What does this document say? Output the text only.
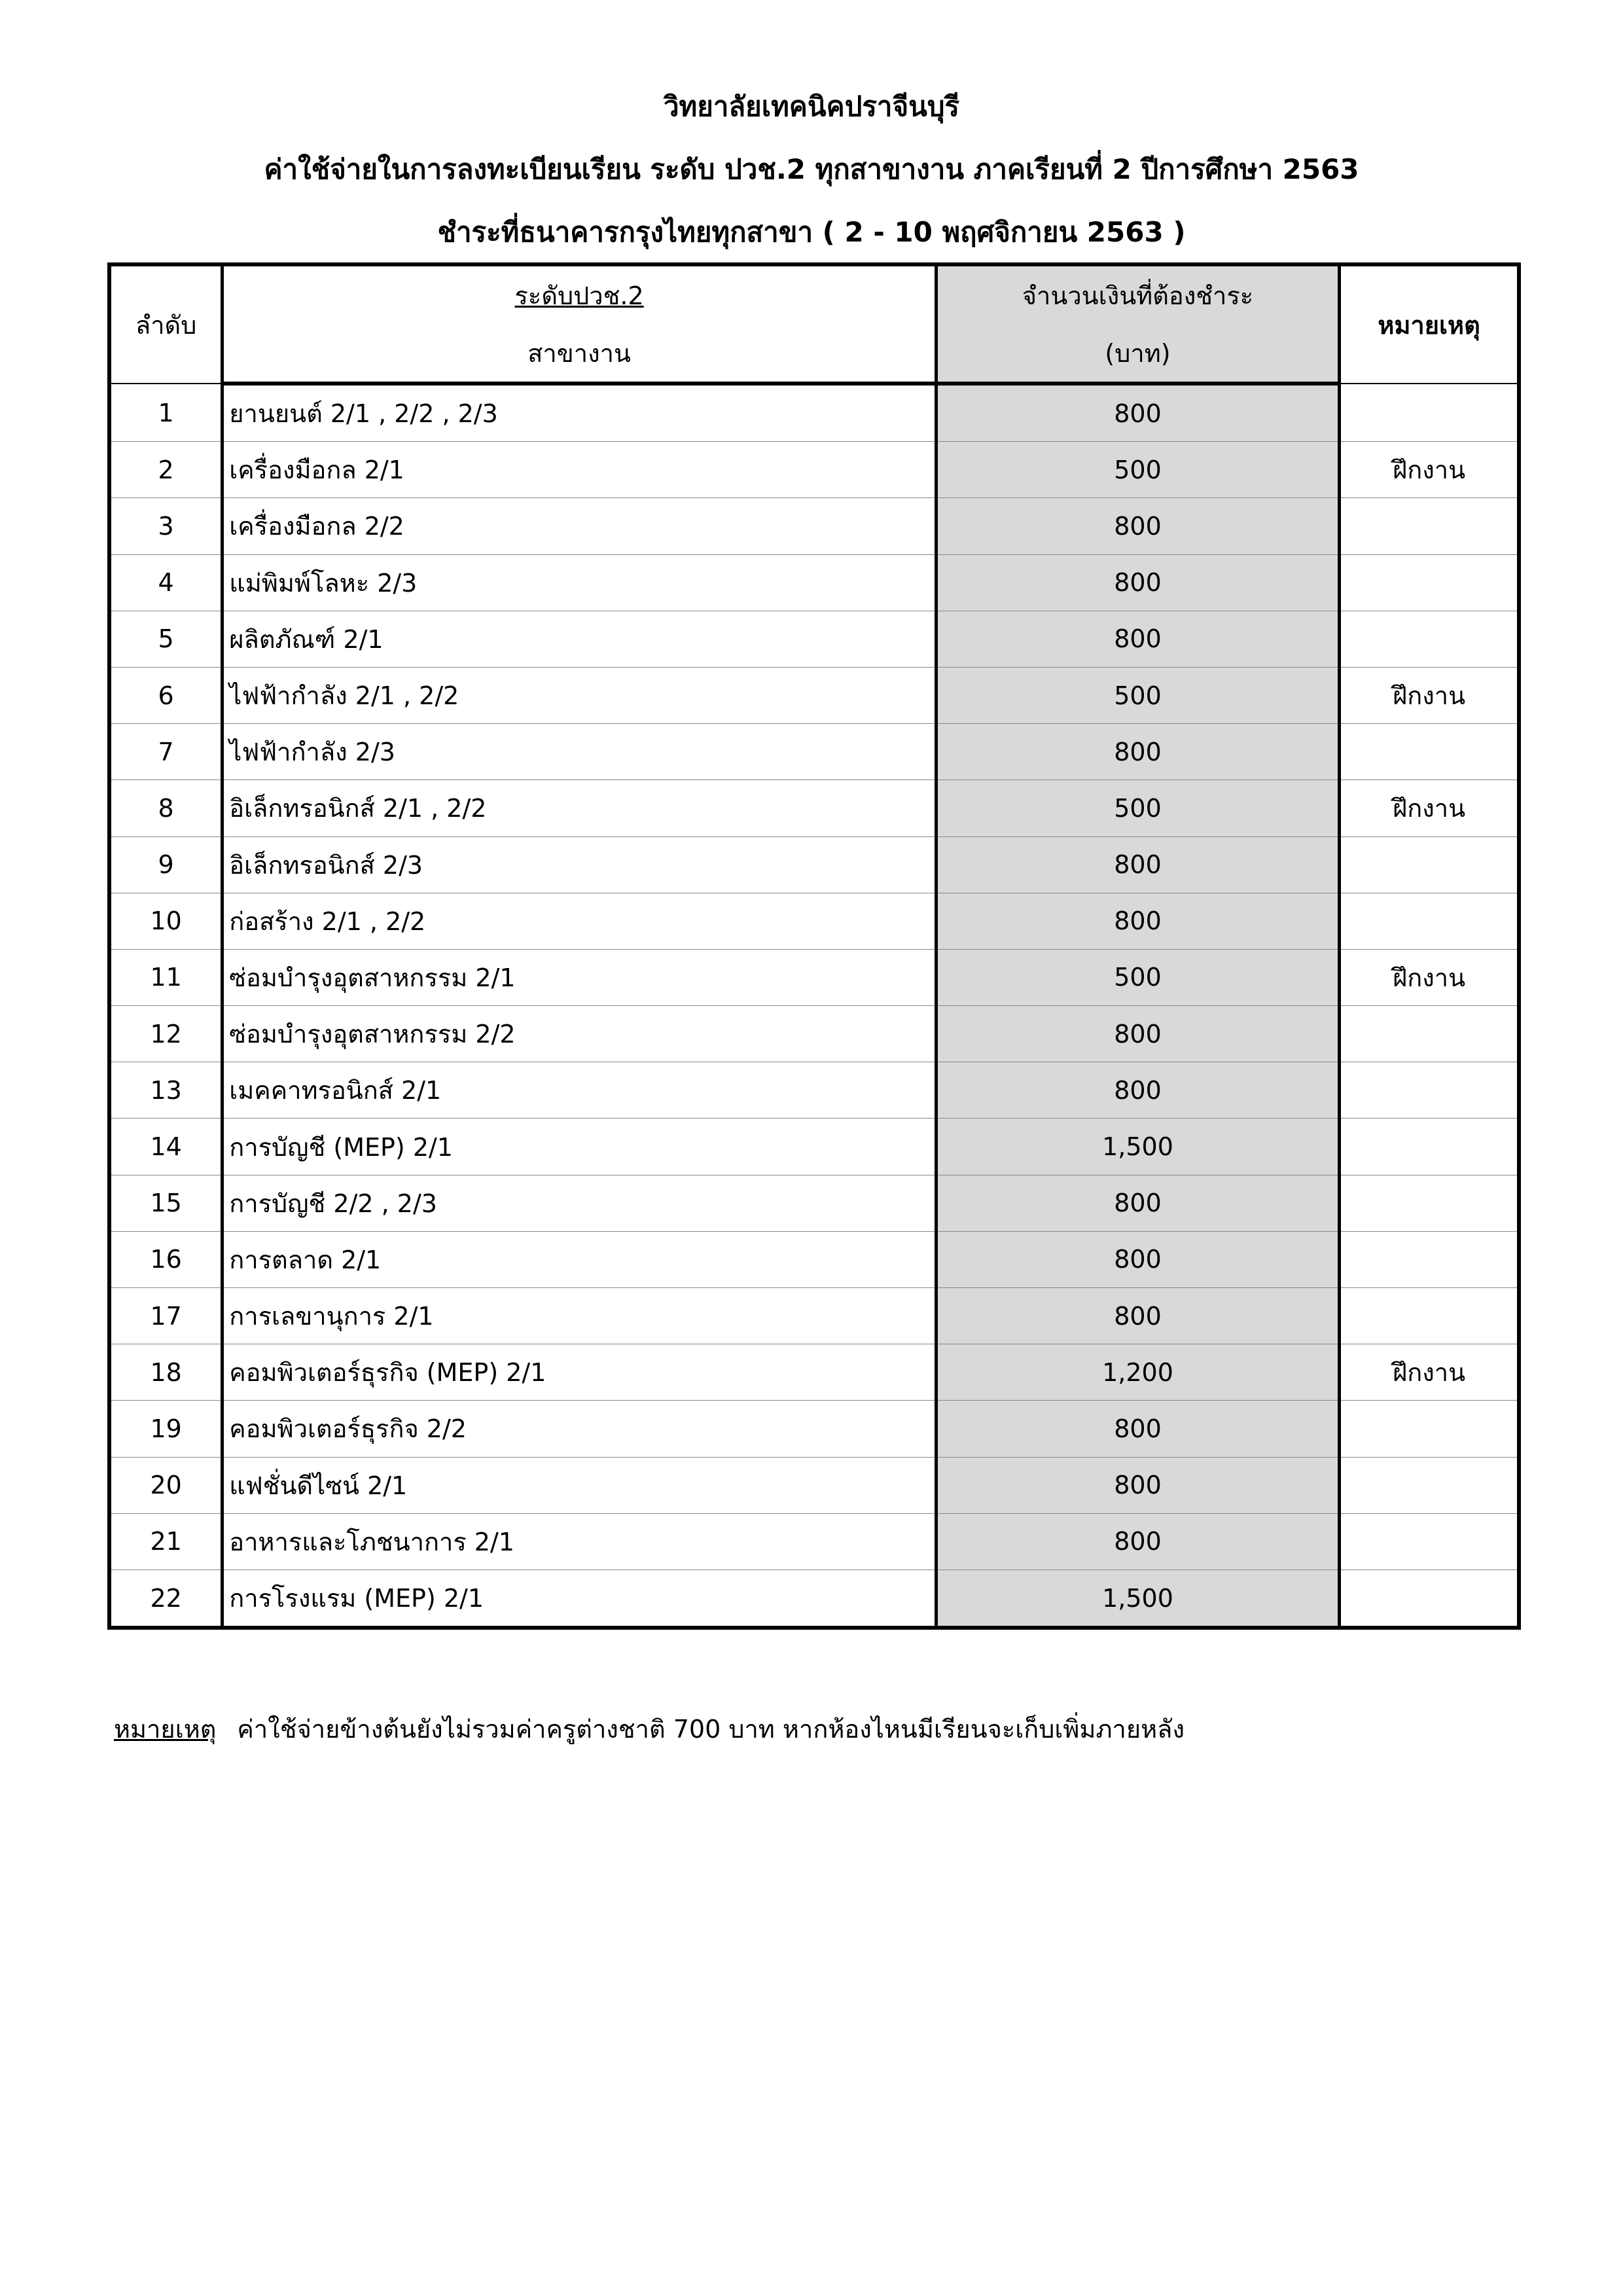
วิทยาลัยเทคนิคปราจีนบุรี
ค่าใช้จ่ายในการลงทะเบียนเรียน ระดับ ปวช.2 ทุกสาขางาน ภาคเรียนที่ 2 ปีการศึกษา 2563
ชำระที่ธนาคารกรุงไทยทุกสาขา ( 2 - 10 พฤศจิกายน 2563 )
ลำดับ	ระดับปวช.2	จำนวนเงินที่ต้องชำระ	หมายเหตุ
	สาขางาน	(บาท)	
1	ยานยนต์ 2/1 , 2/2 , 2/3	800	
2	เครื่องมือกล 2/1	500	ฝึกงาน
3	เครื่องมือกล 2/2	800	
4	แม่พิมพ์โลหะ 2/3	800	
5	ผลิตภัณฑ์ 2/1	800	
6	ไฟฟ้ากำลัง 2/1 , 2/2	500	ฝึกงาน
7	ไฟฟ้ากำลัง 2/3	800	
8	อิเล็กทรอนิกส์ 2/1 , 2/2	500	ฝึกงาน
9	อิเล็กทรอนิกส์ 2/3	800	
10	ก่อสร้าง 2/1 , 2/2	800	
11	ซ่อมบำรุงอุตสาหกรรม 2/1	500	ฝึกงาน
12	ซ่อมบำรุงอุตสาหกรรม 2/2	800	
13	เมคคาทรอนิกส์ 2/1	800	
14	การบัญชี (MEP) 2/1	1,500	
15	การบัญชี 2/2 , 2/3	800	
16	การตลาด 2/1	800	
17	การเลขานุการ 2/1	800	
18	คอมพิวเตอร์ธุรกิจ (MEP) 2/1	1,200	ฝึกงาน
19	คอมพิวเตอร์ธุรกิจ 2/2	800	
20	แฟชั่นดีไซน์ 2/1	800	
21	อาหารและโภชนาการ 2/1	800	
22	การโรงแรม (MEP) 2/1	1,500	
หมายเหตุ ค่าใช้จ่ายข้างต้นยังไม่รวมค่าครูต่างชาติ 700 บาท หากห้องไหนมีเรียนจะเก็บเพิ่มภายหลัง
